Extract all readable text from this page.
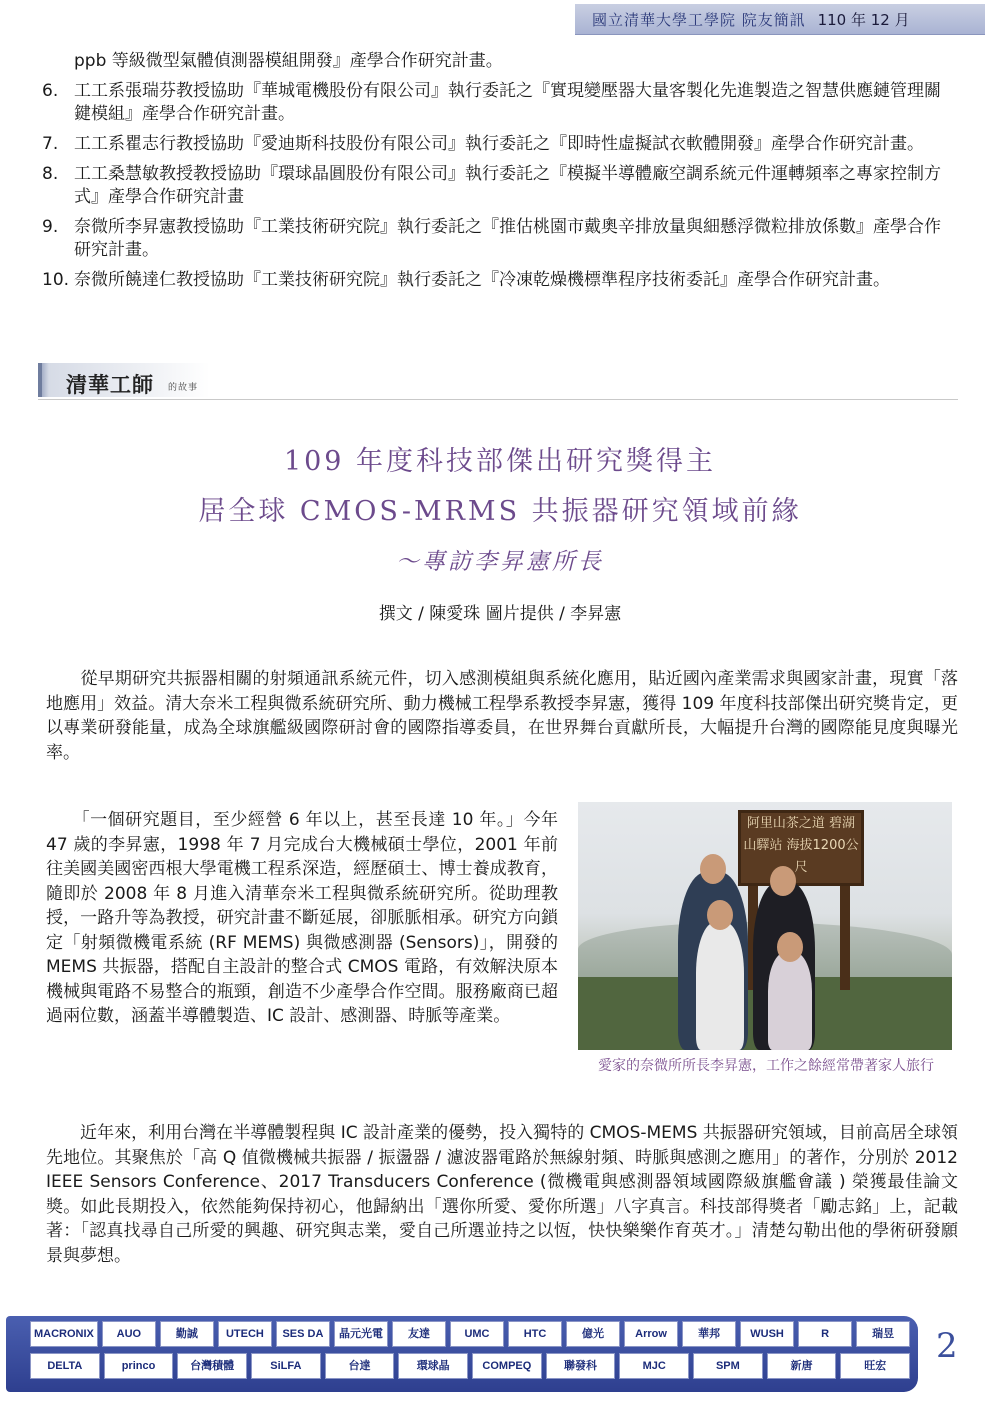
國立清華大學工學院 院友簡訊 110 年 12 月
ppb 等級微型氣體偵測器模組開發』產學合作研究計畫。
6. 工工系張瑞芬教授協助『華城電機股份有限公司』執行委託之『實現變壓器大量客製化先進製造之智慧供應鏈管理關鍵模組』產學合作研究計畫。
7. 工工系瞿志行教授協助『愛迪斯科技股份有限公司』執行委託之『即時性虛擬試衣軟體開發』產學合作研究計畫。
8. 工工桑慧敏教授教授協助『環球晶圓股份有限公司』執行委託之『模擬半導體廠空調系統元件運轉頻率之專家控制方式』產學合作研究計畫
9. 奈微所李昇憲教授協助『工業技術研究院』執行委託之『推估桃園市戴奧辛排放量與細懸浮微粒排放係數』產學合作研究計畫。
10. 奈微所饒達仁教授協助『工業技術研究院』執行委託之『冷凍乾燥機標準程序技術委託』產學合作研究計畫。
清華工師 的故事
109 年度科技部傑出研究獎得主
居全球 CMOS-MRMS 共振器研究領域前緣
～專訪李昇憲所長
撰文 / 陳愛珠 圖片提供 / 李昇憲

　　從早期研究共振器相關的射頻通訊系統元件，切入感測模組與系統化應用，貼近國內產業需求與國家計畫，現實「落地應用」效益。清大奈米工程與微系統研究所、動力機械工程學系教授李昇憲，獲得 109 年度科技部傑出研究獎肯定，更以專業研發能量，成為全球旗艦級國際研討會的國際指導委員，在世界舞台貢獻所長，大幅提升台灣的國際能見度與曝光率。

　　「一個研究題目，至少經營 6 年以上，甚至長達 10 年。」今年 47 歲的李昇憲，1998 年 7 月完成台大機械碩士學位，2001 年前往美國美國密西根大學電機工程系深造，經歷碩士、博士養成教育，隨即於 2008 年 8 月進入清華奈米工程與微系統研究所。從助理教授，一路升等為教授，研究計畫不斷延展，卻脈脈相承。研究方向鎖定「射頻微機電系統 (RF MEMS) 與微感測器 (Sensors)」，開發的 MEMS 共振器，搭配自主設計的整合式 CMOS 電路，有效解決原本機械與電路不易整合的瓶頸，創造不少產學合作空間。服務廠商已超過兩位數，涵蓋半導體製造、IC 設計、感測器、時脈等產業。

阿里山茶之道 碧湖山驛站 海拔1200公尺
愛家的奈微所所長李昇憲，工作之餘經常帶著家人旅行

　　近年來，利用台灣在半導體製程與 IC 設計產業的優勢，投入獨特的 CMOS-MEMS 共振器研究領域，目前高居全球領先地位。其聚焦於「高 Q 值微機械共振器 / 振盪器 / 濾波器電路於無線射頻、時脈與感測之應用」的著作，分別於 2012 IEEE Sensors Conference、2017 Transducers Conference (微機電與感測器領域國際級旗艦會議 ) 榮獲最佳論文獎。如此長期投入，依然能夠保持初心，他歸納出「選你所愛、愛你所選」八字真言。科技部得獎者「勵志銘」上，記載著：「認真找尋自己所愛的興趣、研究與志業，愛自己所選並持之以恆，快快樂樂作育英才。」清楚勾勒出他的學術研發願景與夢想。

MACRONIX	AUO	勤誠	UTECH	SES DA	晶元光電	友達	UMC	HTC	億光	Arrow	華邦	WUSH	R	瑞昱
DELTA	princo	台灣積體	SiLFA	台達	環球晶	COMPEQ	聯發科	MJC	SPM	新唐	旺宏	2
